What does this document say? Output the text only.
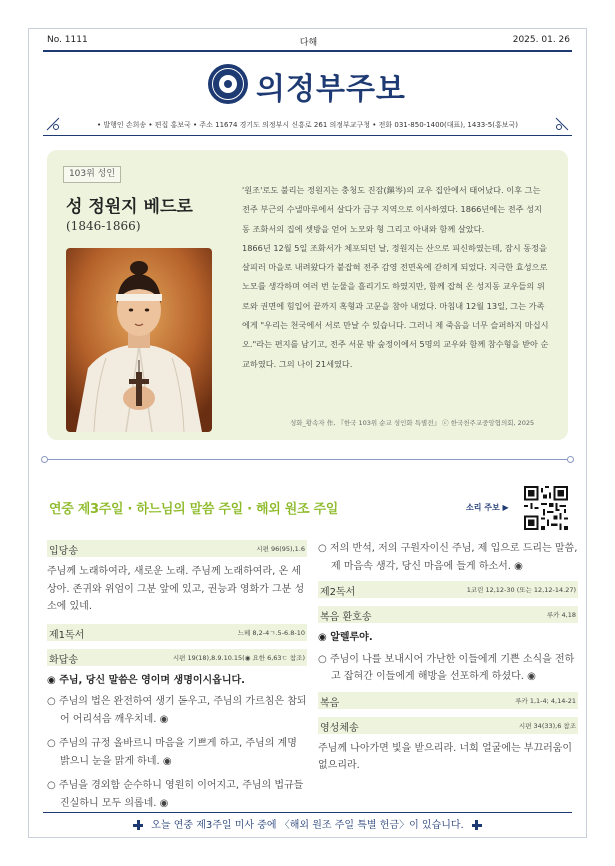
No. 1111	다해	2025. 01. 26
의정부주보
• 발행인 손희송 • 편집 홍보국 • 주소 11674 경기도 의정부시 신흥로 261 의정부교구청 • 전화 031-850-1400(대표), 1433-5(홍보국)
103위 성인
성 정원지 베드로
(1846-1866)

'원조'로도 불리는 정원지는 충청도 진잠(鎭岑)의 교우 집안에서 태어났다. 이후 그는 전주 부근의 수낼마루에서 살다가 금구 지역으로 이사하였다. 1866년에는 전주 성지동 조화서의 집에 셋방을 얻어 노모와 형 그리고 아내와 함께 살았다.

1866년 12월 5일 조화서가 체포되던 날, 정원지는 산으로 피신하였는데, 잠시 동정을 살피러 마을로 내려왔다가 붙잡혀 전주 감영 전면옥에 갇히게 되었다. 지극한 효성으로 노모를 생각하며 여러 번 눈물을 흘리기도 하였지만, 함께 잡혀 온 성지동 교우들의 위로와 권면에 힘입어 끝까지 혹형과 고문을 참아 내었다. 마침내 12월 13일, 그는 가족에게 "우리는 천국에서 서로 만날 수 있습니다. 그러니 제 죽음을 너무 슬퍼하지 마십시오."라는 편지를 남기고, 전주 서문 밖 숲정이에서 5명의 교우와 함께 참수형을 받아 순교하였다. 그의 나이 21세였다.

성화_황속자 作, 『한국 103위 순교 성인화 특별전』 ⓒ 한국천주교중앙협의회, 2025
연중 제3주일 · 하느님의 말씀 주일 · 해외 원조 주일	소리 주보 ▶
입당송	시편 96(95),1.6
주님께 노래하여라, 새로운 노래. 주님께 노래하여라, 온 세상아. 존귀와 위엄이 그분 앞에 있고, 권능과 영화가 그분 성소에 있네.
제1독서	느헤 8,2-4ㄱ.5-6.8-10
화답송	시편 19(18),8.9.10.15(◉ 요한 6,63ㄷ 참조)
◉ 주님, 당신 말씀은 영이며 생명이시옵니다.
○ 주님의 법은 완전하여 생기 돋우고, 주님의 가르침은 참되어 어리석음 깨우치네. ◉
○ 주님의 규정 올바르니 마음을 기쁘게 하고, 주님의 계명 밝으니 눈을 맑게 하네. ◉
○ 주님을 경외함 순수하니 영원히 이어지고, 주님의 법규들 진실하니 모두 의롭네. ◉
○ 저의 반석, 저의 구원자이신 주님, 제 입으로 드리는 말씀, 제 마음속 생각, 당신 마음에 들게 하소서. ◉
제2독서	1코린 12,12-30 (또는 12,12-14.27)
복음 환호송	루카 4,18
◉ 알렐루야.
○ 주님이 나를 보내시어 가난한 이들에게 기쁜 소식을 전하고 잡혀간 이들에게 해방을 선포하게 하셨다. ◉
복음	루카 1,1-4; 4,14-21
영성체송	시편 34(33),6 참조
주님께 나아가면 빛을 받으리라. 너희 얼굴에는 부끄러움이 없으리라.
오늘 연중 제3주일 미사 중에 〈해외 원조 주일 특별 헌금〉이 있습니다.
